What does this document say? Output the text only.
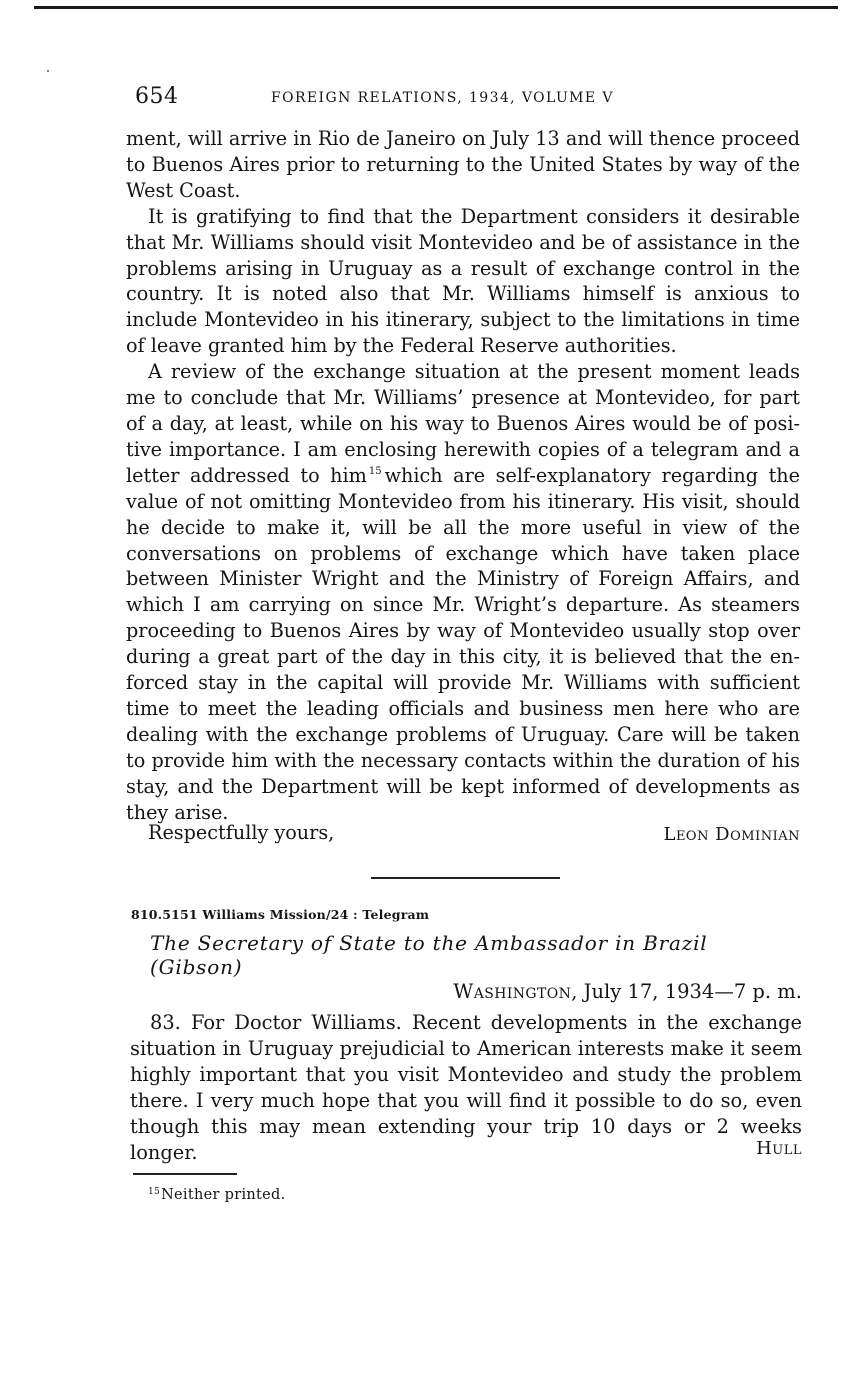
654	FOREIGN RELATIONS, 1934, VOLUME V

ment, will arrive in Rio de Janeiro on July 13 and will thence proceed to Buenos Aires prior to returning to the United States by way of the West Coast.

It is gratifying to find that the Department considers it desirable that Mr. Williams should visit Montevideo and be of assistance in the problems arising in Uruguay as a result of exchange control in the country. It is noted also that Mr. Williams himself is anxious to include Montevideo in his itinerary, subject to the limitations in time of leave granted him by the Federal Reserve authorities.

A review of the exchange situation at the present moment leads me to conclude that Mr. Williams’ presence at Montevideo, for part of a day, at least, while on his way to Buenos Aires would be of positive importance. I am enclosing herewith copies of a telegram and a letter addressed to him $^{15}$ which are self-explanatory regarding the value of not omitting Montevideo from his itinerary. His visit, should he decide to make it, will be all the more useful in view of the conversations on problems of exchange which have taken place between Minister Wright and the Ministry of Foreign Affairs, and which I am carrying on since Mr. Wright’s departure. As steamers proceeding to Buenos Aires by way of Montevideo usually stop over during a great part of the day in this city, it is believed that the enforced stay in the capital will provide Mr. Williams with sufficient time to meet the leading officials and business men here who are dealing with the exchange problems of Uruguay. Care will be taken to provide him with the necessary contacts within the duration of his stay, and the Department will be kept informed of developments as they arise.

Respectfully yours,	Leon Dominian
810.5151 Williams Mission/24 : Telegram
The Secretary of State to the Ambassador in Brazil (Gibson)
Washington, July 17, 1934—7 p. m.

83. For Doctor Williams. Recent developments in the exchange situation in Uruguay prejudicial to American interests make it seem highly important that you visit Montevideo and study the problem there. I very much hope that you will find it possible to do so, even though this may mean extending your trip 10 days or 2 weeks longer.	Hull
$^{15}$Neither printed.
